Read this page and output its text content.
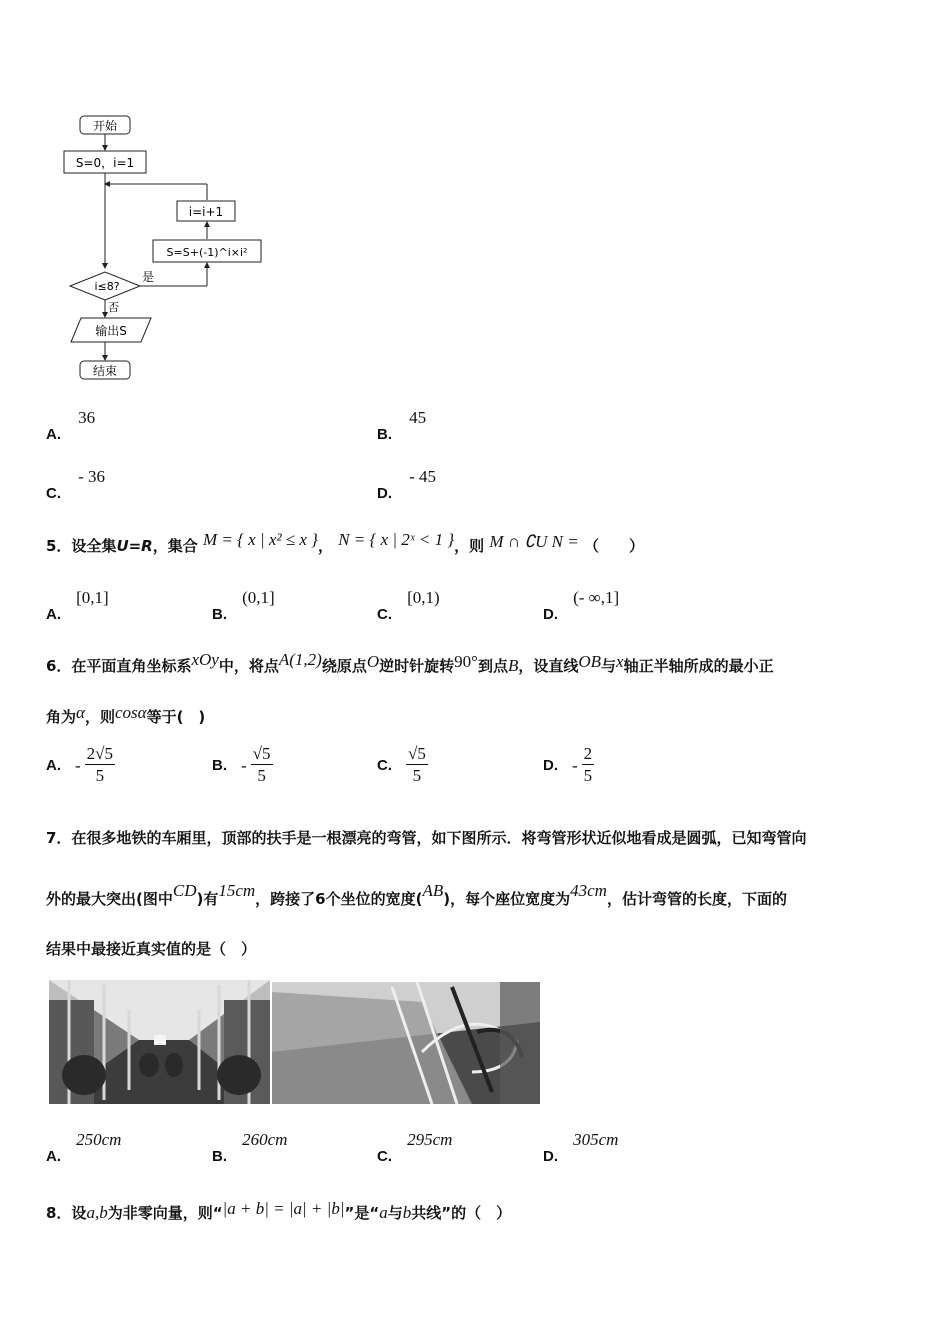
开始
S=0，i=1
i=i+1
S=S+(-1)^i×i²
i≤8?
是
否
输出S
结束
A. 36
B. 45
C. - 36
D. - 45
5．设全集U=R，集合 M = { x | x² ≤ x }， N = { x | 2ˣ < 1 }，则 M ∩ ∁U N = （　　）
A. [0,1]
B. (0,1]
C. [0,1)
D. (- ∞,1]
6．在平面直角坐标系xOy中，将点A(1,2)绕原点O逆时针旋转90°到点B，设直线OB与x轴正半轴所成的最小正
角为α，则cosα等于(　)
A. - $\frac{2√5}{5}$	B. - $\frac{√5}{5}$	C. $\frac{√5}{5}$	D. - $\frac{2}{5}$
7．在很多地铁的车厢里，顶部的扶手是一根漂亮的弯管，如下图所示．将弯管形状近似地看成是圆弧，已知弯管向
外的最大突出(图中CD)有15cm，跨接了6个坐位的宽度(AB)，每个座位宽度为43cm，估计弯管的长度，下面的
结果中最接近真实值的是（　）
A. 250cm
B. 260cm
C. 295cm
D. 305cm
8．设a,b为非零向量，则“|a + b| = |a| + |b|”是“a与b共线”的（　）
